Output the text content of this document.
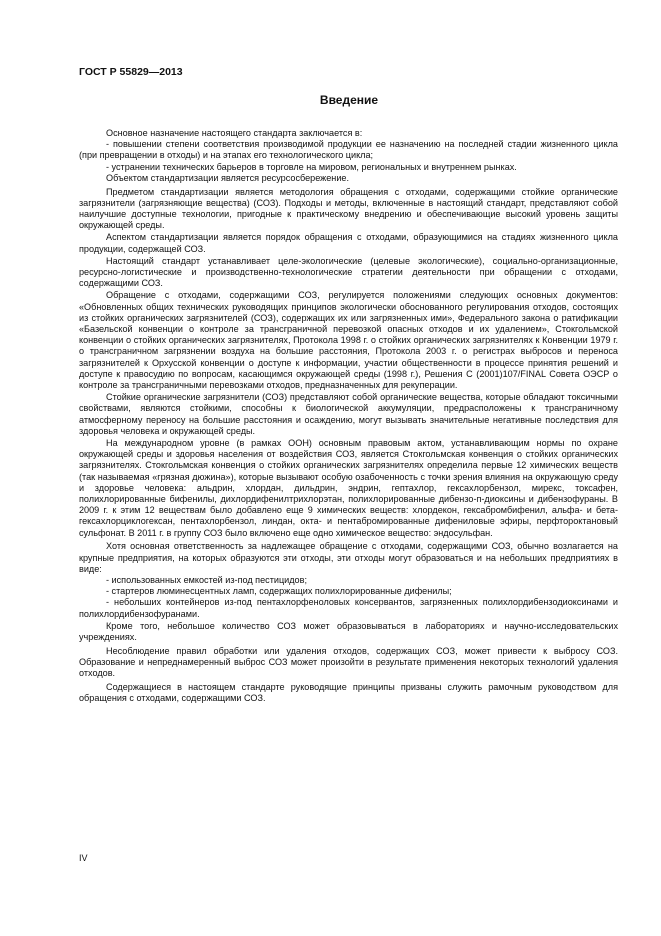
ГОСТ Р 55829—2013

Введение

Основное назначение настоящего стандарта заключается в:

- повышении степени соответствия производимой продукции ее назначению на последней стадии жизненного цикла (при превращении в отходы) и на этапах его технологического цикла;

- устранении технических барьеров в торговле на мировом, региональных и внутреннем рынках.

Объектом стандартизации является ресурсосбережение.

Предметом стандартизации является методология обращения с отходами, содержащими стойкие органические загрязнители (загрязняющие вещества) (СОЗ). Подходы и методы, включенные в настоящий стандарт, представляют собой наилучшие доступные технологии, пригодные к практическому внедрению и обеспечивающие высокий уровень защиты окружающей среды.

Аспектом стандартизации является порядок обращения с отходами, образующимися на стадиях жизненного цикла продукции, содержащей СОЗ.

Настоящий стандарт устанавливает целе-экологические (целевые экологические), социально-организационные, ресурсно-логистические и производственно-технологические стратегии деятельности при обращении с отходами, содержащими СОЗ.

Обращение с отходами, содержащими СОЗ, регулируется положениями следующих основных документов: «Обновленных общих технических руководящих принципов экологически обоснованного регулирования отходов, состоящих из стойких органических загрязнителей (СОЗ), содержащих их или загрязненных ими», Федерального закона о ратификации «Базельской конвенции о контроле за трансграничной перевозкой опасных отходов и их удалением», Стокгольмской конвенции о стойких органических загрязнителях, Протокола 1998 г. о стойких органических загрязнителях к Конвенции 1979 г. о трансграничном загрязнении воздуха на большие расстояния, Протокола 2003 г. о регистрах выбросов и переноса загрязнителей к Орхусской конвенции о доступе к информации, участии общественности в процессе принятия решений и доступе к правосудию по вопросам, касающимся окружающей среды (1998 г.), Решения С (2001)107/FINAL Совета ОЭСР о контроле за трансграничными перевозками отходов, предназначенных для рекуперации.

Стойкие органические загрязнители (СОЗ) представляют собой органические вещества, которые обладают токсичными свойствами, являются стойкими, способны к биологической аккумуляции, предрасположены к трансграничному атмосферному переносу на большие расстояния и осаждению, могут вызывать значительные негативные последствия для здоровья человека и окружающей среды.

На международном уровне (в рамках ООН) основным правовым актом, устанавливающим нормы по охране окружающей среды и здоровья населения от воздействия СОЗ, является Стокгольмская конвенция о стойких органических загрязнителях. Стокгольмская конвенция о стойких органических загрязнителях определила первые 12 химических веществ (так называемая «грязная дюжина»), которые вызывают особую озабоченность с точки зрения влияния на окружающую среду и здоровье человека: альдрин, хлордан, дильдрин, эндрин, гептахлор, гексахлорбензол, мирекс, токсафен, полихлорированные бифенилы, дихлордифенилтрихлорэтан, полихлорированные дибензо-п-диоксины и дибензофураны. В 2009 г. к этим 12 веществам было добавлено еще 9 химических веществ: хлордекон, гексабромбифенил, альфа- и бета-гексахлорциклогексан, пентахлорбензол, линдан, окта- и пентабромированные дифениловые эфиры, перфтороктановый сульфонат. В 2011 г. в группу СОЗ было включено еще одно химическое вещество: эндосульфан.

Хотя основная ответственность за надлежащее обращение с отходами, содержащими СОЗ, обычно возлагается на крупные предприятия, на которых образуются эти отходы, эти отходы могут образоваться и на небольших предприятиях в виде:

- использованных емкостей из-под пестицидов;

- стартеров люминесцентных ламп, содержащих полихлорированные дифенилы;

- небольших контейнеров из-под пентахлорфеноловых консервантов, загрязненных полихлордибензодиоксинами и полихлордибензофуранами.

Кроме того, небольшое количество СОЗ может образовываться в лабораториях и научно-исследовательских учреждениях.

Несоблюдение правил обработки или удаления отходов, содержащих СОЗ, может привести к выбросу СОЗ. Образование и непреднамеренный выброс СОЗ может произойти в результате применения некоторых технологий удаления отходов.

Содержащиеся в настоящем стандарте руководящие принципы призваны служить рамочным руководством для обращения с отходами, содержащими СОЗ.

IV
